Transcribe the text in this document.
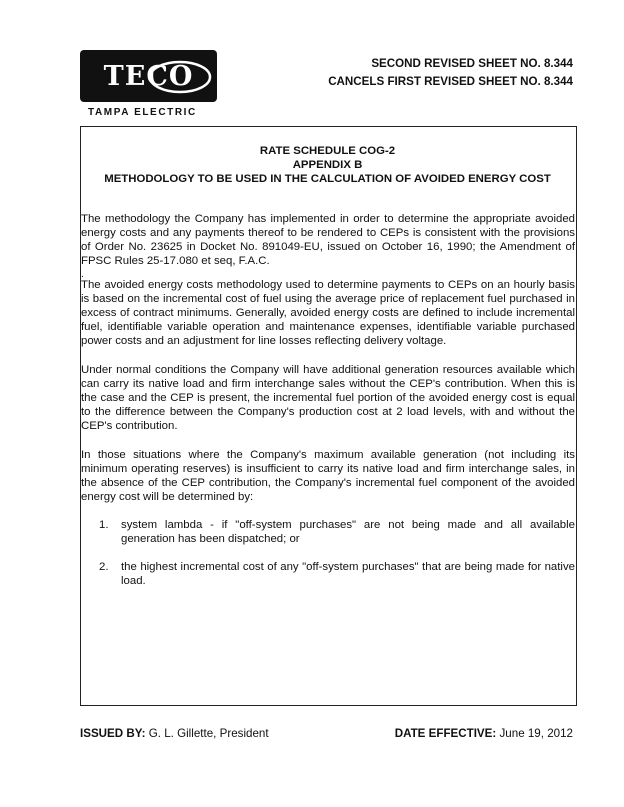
TECO
TAMPA ELECTRIC
SECOND REVISED SHEET NO. 8.344
CANCELS FIRST REVISED SHEET NO. 8.344
RATE SCHEDULE COG-2
APPENDIX B
METHODOLOGY TO BE USED IN THE CALCULATION OF AVOIDED ENERGY COST

The methodology the Company has implemented in order to determine the appropriate avoided energy costs and any payments thereof to be rendered to CEPs is consistent with the provisions of Order No. 23625 in Docket No. 891049-EU, issued on October 16, 1990; the Amendment of FPSC Rules 25-17.080 et seq, F.A.C.

.

The avoided energy costs methodology used to determine payments to CEPs on an hourly basis is based on the incremental cost of fuel using the average price of replacement fuel purchased in excess of contract minimums. Generally, avoided energy costs are defined to include incremental fuel, identifiable variable operation and maintenance expenses, identifiable variable purchased power costs and an adjustment for line losses reflecting delivery voltage.

Under normal conditions the Company will have additional generation resources available which can carry its native load and firm interchange sales without the CEP's contribution. When this is the case and the CEP is present, the incremental fuel portion of the avoided energy cost is equal to the difference between the Company's production cost at 2 load levels, with and without the CEP's contribution.

In those situations where the Company's maximum available generation (not including its minimum operating reserves) is insufficient to carry its native load and firm interchange sales, in the absence of the CEP contribution, the Company's incremental fuel component of the avoided energy cost will be determined by:

1.	system lambda - if "off-system purchases" are not being made and all available generation has been dispatched; or
2.	the highest incremental cost of any "off-system purchases" that are being made for native load.
ISSUED BY: G. L. Gillette, President	DATE EFFECTIVE: June 19, 2012
